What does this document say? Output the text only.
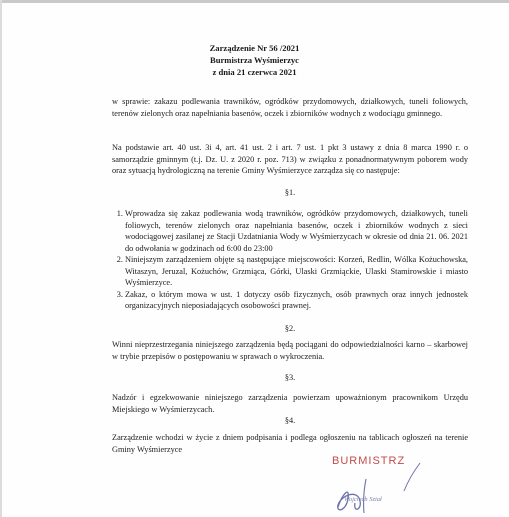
Zarządzenie Nr 56 /2021
Burmistrza Wyśmierzyc
z dnia 21 czerwca 2021
w sprawie: zakazu podlewania trawników, ogródków przydomowych, działkowych, tuneli foliowych, terenów zielonych oraz napełniania basenów, oczek i zbiorników wodnych z wodociągu gminnego.
Na podstawie art. 40 ust. 3i 4, art. 41 ust. 2 i art. 7 ust. 1 pkt 3 ustawy z dnia 8 marca 1990 r. o samorządzie gminnym (t.j. Dz. U. z 2020 r. poz. 713) w związku z ponadnormatywnym poborem wody oraz sytuacją hydrologiczną na terenie Gminy Wyśmierzyce zarządza się co następuje:
§1.
1. Wprowadza się zakaz podlewania wodą trawników, ogródków przydomowych, działkowych, tuneli foliowych, terenów zielonych oraz napełniania basenów, oczek i zbiorników wodnych z sieci wodociągowej zasilanej ze Stacji Uzdatniania Wody w Wyśmierzycach w okresie od dnia 21. 06. 2021 do odwołania w godzinach od 6:00 do 23:00
2. Niniejszym zarządzeniem objęte są następujące miejscowości: Korzeń, Redlin, Wólka Kożuchowska, Witaszyn, Jeruzal, Kożuchów, Grzmiąca, Górki, Ulaski Grzmiąckie, Ulaski Stamirowskie i miasto Wyśmierzyce.
3. Zakaz, o którym mowa w ust. 1 dotyczy osób fizycznych, osób prawnych oraz innych jednostek organizacyjnych nieposiadających osobowości prawnej.
§2.
Winni nieprzestrzegania niniejszego zarządzenia będą pociągani do odpowiedzialności karno – skarbowej w trybie przepisów o postępowaniu w sprawach o wykroczenia.
§3.
Nadzór i egzekwowanie niniejszego zarządzenia powierzam upoważnionym pracownikom Urzędu Miejskiego w Wyśmierzycach.
§4.
Zarządzenie wchodzi w życie z dniem podpisania i podlega ogłoszeniu na tablicach ogłoszeń na terenie Gminy Wyśmierzyce
BURMISTRZ
Wojciech Sział
